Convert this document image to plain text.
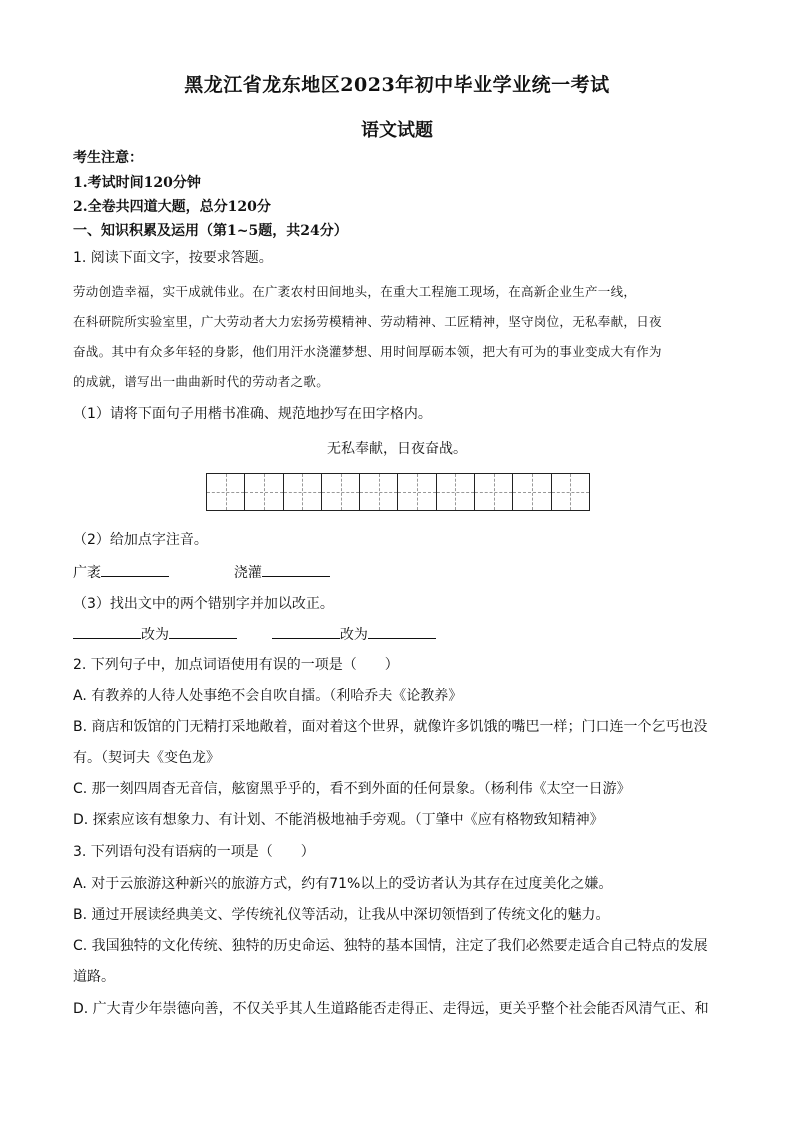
黑龙江省龙东地区2023年初中毕业学业统一考试
语文试题
考生注意：
1.考试时间120分钟
2.全卷共四道大题，总分120分
一、知识积累及运用（第1~5题，共24分）
1. 阅读下面文字，按要求答题。
劳动创造幸福，实干成就伟业。在广袤农村田间地头，在重大工程施工现场，在高新企业生产一线，
在科研院所实验室里，广大劳动者大力宏扬劳模精神、劳动精神、工匠精神，坚守岗位，无私奉献，日夜
奋战。其中有众多年轻的身影，他们用汗水浇灌梦想、用时间厚砺本领，把大有可为的事业变成大有作为
的成就，谱写出一曲曲新时代的劳动者之歌。
（1）请将下面句子用楷书准确、规范地抄写在田字格内。
无私奉献，日夜奋战。
（2）给加点字注音。
广袤	浇灌
（3）找出文中的两个错别字并加以改正。
改为	改为
2. 下列句子中，加点词语使用有误的一项是（　　）
A. 有教养的人待人处事绝不会自吹自擂。（利哈乔夫《论教养》
B. 商店和饭馆的门无精打采地敞着，面对着这个世界，就像许多饥饿的嘴巴一样；门口连一个乞丐也没
有。（契诃夫《变色龙》
C. 那一刻四周杳无音信，舷窗黑乎乎的，看不到外面的任何景象。（杨利伟《太空一日游》
D. 探索应该有想象力、有计划、不能消极地袖手旁观。（丁肇中《应有格物致知精神》
3. 下列语句没有语病的一项是（　　）
A. 对于云旅游这种新兴的旅游方式，约有71%以上的受访者认为其存在过度美化之嫌。
B. 通过开展读经典美文、学传统礼仪等活动，让我从中深切领悟到了传统文化的魅力。
C. 我国独特的文化传统、独特的历史命运、独特的基本国情，注定了我们必然要走适合自己特点的发展
道路。
D. 广大青少年崇德向善，不仅关乎其人生道路能否走得正、走得远，更关乎整个社会能否风清气正、和
